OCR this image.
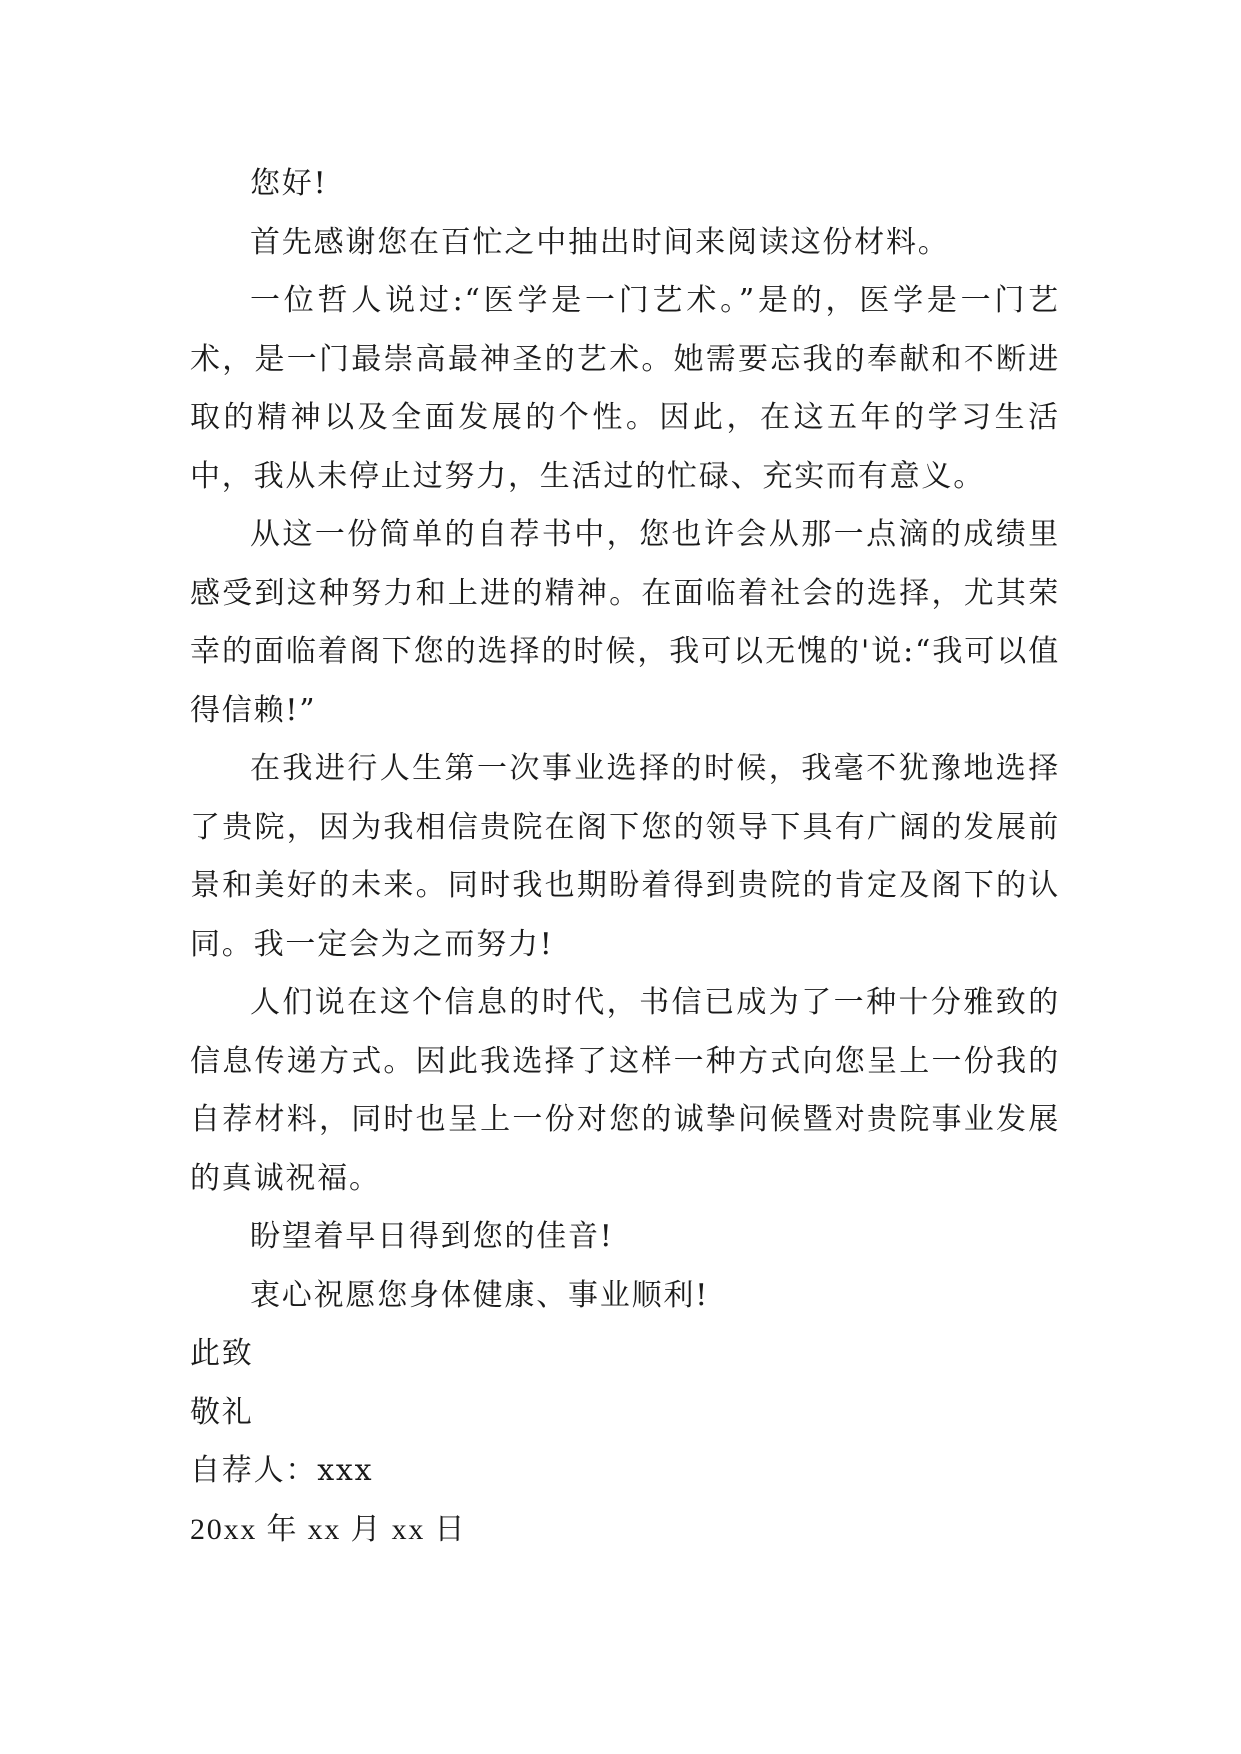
您好!

首先感谢您在百忙之中抽出时间来阅读这份材料。

一位哲人说过:“医学是一门艺术。”是的，医学是一门艺术，是一门最崇高最神圣的艺术。她需要忘我的奉献和不断进取的精神以及全面发展的个性。因此，在这五年的学习生活中，我从未停止过努力，生活过的忙碌、充实而有意义。

从这一份简单的自荐书中，您也许会从那一点滴的成绩里感受到这种努力和上进的精神。在面临着社会的选择，尤其荣幸的面临着阁下您的选择的时候，我可以无愧的'说:“我可以值得信赖!”

在我进行人生第一次事业选择的时候，我毫不犹豫地选择了贵院，因为我相信贵院在阁下您的领导下具有广阔的发展前景和美好的未来。同时我也期盼着得到贵院的肯定及阁下的认同。我一定会为之而努力!

人们说在这个信息的时代，书信已成为了一种十分雅致的信息传递方式。因此我选择了这样一种方式向您呈上一份我的自荐材料，同时也呈上一份对您的诚挚问候暨对贵院事业发展的真诚祝福。

盼望着早日得到您的佳音!

衷心祝愿您身体健康、事业顺利!

此致

敬礼

自荐人：xxx

20xx 年 xx 月 xx 日
